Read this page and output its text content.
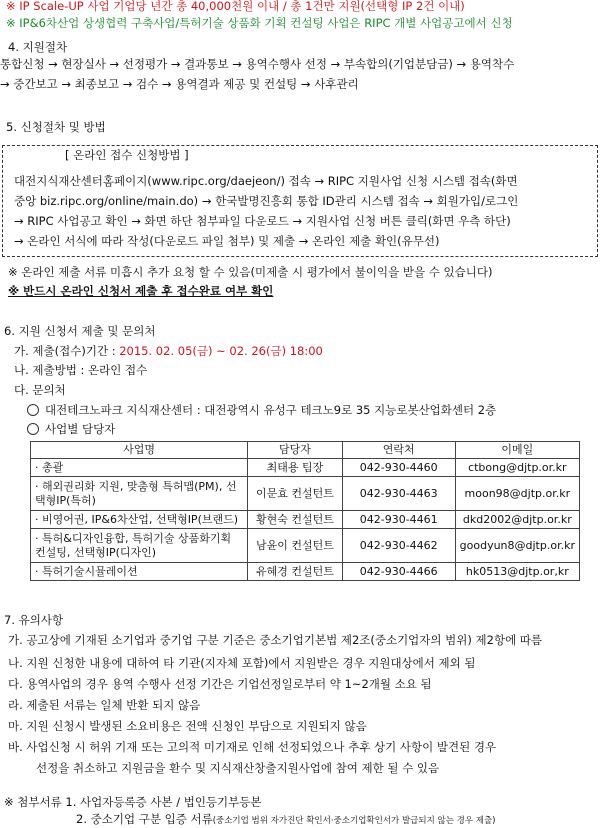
※ IP Scale-UP 사업 기업당 년간 총 40,000천원 이내 / 총 1건만 지원(선택형 IP 2건 이내)
※ IP&6차산업 상생협력 구축사업/특허기술 상품화 기획 컨설팅 사업은 RIPC 개별 사업공고에서 신청
4. 지원절차
통합신청 → 현장실사 → 선정평가 → 결과통보 → 용역수행사 선정 → 부속합의(기업분담금) → 용역착수
→ 중간보고 → 최종보고 → 검수 → 용역결과 제공 및 컨설팅 → 사후관리
5. 신청절차 및 방법
[ 온라인 접수 신청방법 ]
대전지식재산센터홈페이지(www.ripc.org/daejeon/) 접속 → RIPC 지원사업 신청 시스템 접속(화면
중앙 biz.ripc.org/online/main.do) → 한국발명진흥회 통합 ID관리 시스템 접속 → 회원가입/로그인
→ RIPC 사업공고 확인 → 화면 하단 첨부파일 다운로드 → 지원사업 신청 버튼 클릭(화면 우측 하단)
→ 온라인 서식에 따라 작성(다운로드 파일 첨부) 및 제출 → 온라인 제출 확인(유무선)
※ 온라인 제출 서류 미흡시 추가 요청 할 수 있음(미제출 시 평가에서 불이익을 받을 수 있습니다)
※ 반드시 온라인 신청서 제출 후 접수완료 여부 확인
6. 지원 신청서 제출 및 문의처
가. 제출(접수)기간 : 2015. 02. 05(금) ~ 02. 26(금) 18:00
나. 제출방법 : 온라인 접수
다. 문의처
대전테크노파크 지식재산센터 : 대전광역시 유성구 테크노9로 35 지능로봇산업화센터 2층
사업별 담당자
사업명	담당자	연락처	이메일
· 총괄	최태용 팀장	042-930-4460	ctbong@djtp.or.kr
· 해외권리화 지원, 맞춤형 특허맵(PM), 선택형IP(특허)	이문효 컨설턴트	042-930-4463	moon98@djtp.or.kr
· 비영어권, IP&6차산업, 선택형IP(브랜드)	황현숙 컨설턴트	042-930-4461	dkd2002@djtp.or.kr
· 특허&디자인융합, 특허기술 상품화기획 컨설팅, 선택형IP(디자인)	남윤이 컨설턴트	042-930-4462	goodyun8@djtp.or.kr
· 특허기술시뮬레이션	유혜경 컨설턴트	042-930-4466	hk0513@djtp.or,kr
7. 유의사항
가. 공고상에 기재된 소기업과 중기업 구분 기준은 중소기업기본법 제2조(중소기업자의 범위) 제2항에 따름
나. 지원 신청한 내용에 대하여 타 기관(지자체 포함)에서 지원받은 경우 지원대상에서 제외 됨
다. 용역사업의 경우 용역 수행사 선정 기간은 기업선정일로부터 약 1~2개월 소요 됨
라. 제출된 서류는 일체 반환 되지 않음
마. 지원 신청시 발생된 소요비용은 전액 신청인 부담으로 지원되지 않음
바. 사업신청 시 허위 기재 또는 고의적 미기재로 인해 선정되었으나 추후 상기 사항이 발견된 경우
선정을 취소하고 지원금을 환수 및 지식재산창출지원사업에 참여 제한 될 수 있음
※ 첨부서류 1. 사업자등록증 사본 / 법인등기부등본
2. 중소기업 구분 입증 서류(중소기업 범위 자가진단 확인서·중소기업확인서가 발급되지 않는 경우 제출)
